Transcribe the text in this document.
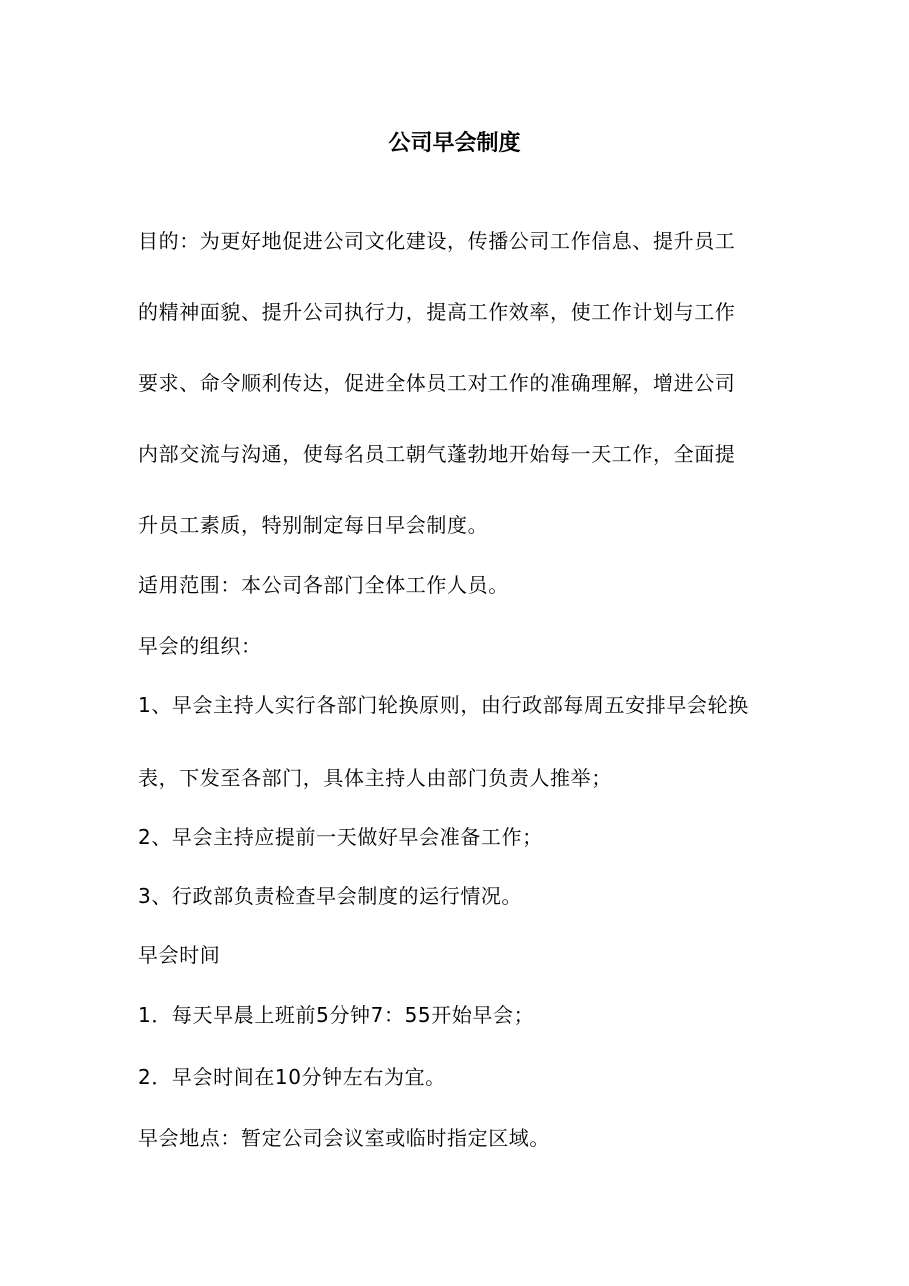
公司早会制度

目的：为更好地促进公司文化建设，传播公司工作信息、提升员工

的精神面貌、提升公司执行力，提高工作效率，使工作计划与工作

要求、命令顺利传达，促进全体员工对工作的准确理解，增进公司

内部交流与沟通，使每名员工朝气蓬勃地开始每一天工作，全面提

升员工素质，特别制定每日早会制度。

适用范围：本公司各部门全体工作人员。

早会的组织：

1、早会主持人实行各部门轮换原则，由行政部每周五安排早会轮换

表，下发至各部门，具体主持人由部门负责人推举；

2、早会主持应提前一天做好早会准备工作；

3、行政部负责检查早会制度的运行情况。

早会时间

1．每天早晨上班前5分钟7：55开始早会；

2．早会时间在10分钟左右为宜。

早会地点：暂定公司会议室或临时指定区域。
